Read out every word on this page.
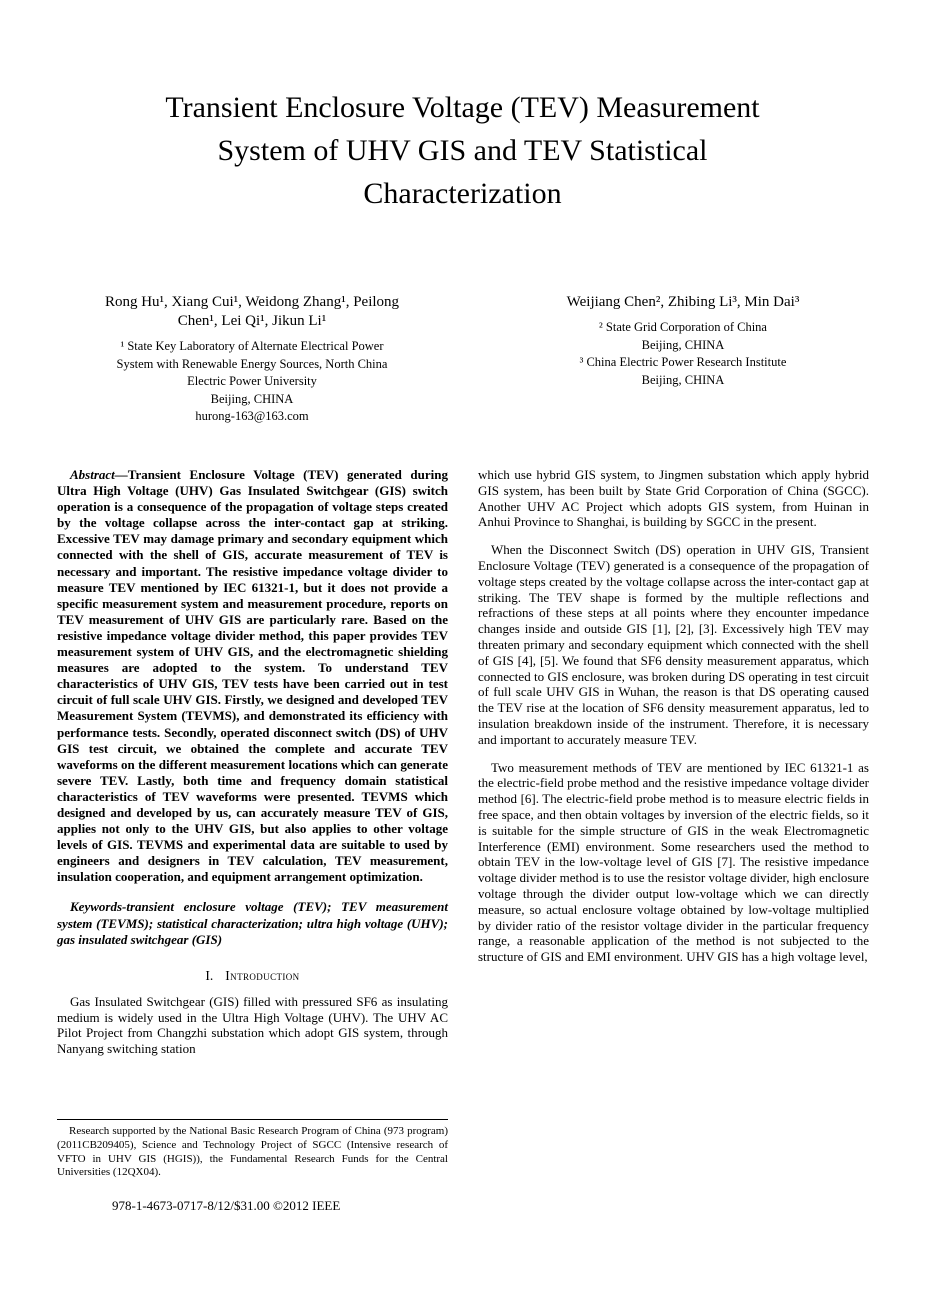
Transient Enclosure Voltage (TEV) Measurement
System of UHV GIS and TEV Statistical
Characterization
Rong Hu¹, Xiang Cui¹, Weidong Zhang¹, Peilong
Chen¹, Lei Qi¹, Jikun Li¹
¹ State Key Laboratory of Alternate Electrical Power
System with Renewable Energy Sources, North China
Electric Power University
Beijing, CHINA
hurong-163@163.com
Weijiang Chen², Zhibing Li³, Min Dai³
² State Grid Corporation of China
Beijing, CHINA
³ China Electric Power Research Institute
Beijing, CHINA

Abstract—Transient Enclosure Voltage (TEV) generated during Ultra High Voltage (UHV) Gas Insulated Switchgear (GIS) switch operation is a consequence of the propagation of voltage steps created by the voltage collapse across the inter-contact gap at striking. Excessive TEV may damage primary and secondary equipment which connected with the shell of GIS, accurate measurement of TEV is necessary and important. The resistive impedance voltage divider to measure TEV mentioned by IEC 61321-1, but it does not provide a specific measurement system and measurement procedure, reports on TEV measurement of UHV GIS are particularly rare. Based on the resistive impedance voltage divider method, this paper provides TEV measurement system of UHV GIS, and the electromagnetic shielding measures are adopted to the system. To understand TEV characteristics of UHV GIS, TEV tests have been carried out in test circuit of full scale UHV GIS. Firstly, we designed and developed TEV Measurement System (TEVMS), and demonstrated its efficiency with performance tests. Secondly, operated disconnect switch (DS) of UHV GIS test circuit, we obtained the complete and accurate TEV waveforms on the different measurement locations which can generate severe TEV. Lastly, both time and frequency domain statistical characteristics of TEV waveforms were presented. TEVMS which designed and developed by us, can accurately measure TEV of GIS, applies not only to the UHV GIS, but also applies to other voltage levels of GIS. TEVMS and experimental data are suitable to used by engineers and designers in TEV calculation, TEV measurement, insulation cooperation, and equipment arrangement optimization.

Keywords-transient enclosure voltage (TEV); TEV measurement system (TEVMS); statistical characterization; ultra high voltage (UHV); gas insulated switchgear (GIS)

I. Introduction

Gas Insulated Switchgear (GIS) filled with pressured SF6 as insulating medium is widely used in the Ultra High Voltage (UHV). The UHV AC Pilot Project from Changzhi substation which adopt GIS system, through Nanyang switching station

which use hybrid GIS system, to Jingmen substation which apply hybrid GIS system, has been built by State Grid Corporation of China (SGCC). Another UHV AC Project which adopts GIS system, from Huinan in Anhui Province to Shanghai, is building by SGCC in the present.

When the Disconnect Switch (DS) operation in UHV GIS, Transient Enclosure Voltage (TEV) generated is a consequence of the propagation of voltage steps created by the voltage collapse across the inter-contact gap at striking. The TEV shape is formed by the multiple reflections and refractions of these steps at all points where they encounter impedance changes inside and outside GIS [1], [2], [3]. Excessively high TEV may threaten primary and secondary equipment which connected with the shell of GIS [4], [5]. We found that SF6 density measurement apparatus, which connected to GIS enclosure, was broken during DS operating in test circuit of full scale UHV GIS in Wuhan, the reason is that DS operating caused the TEV rise at the location of SF6 density measurement apparatus, led to insulation breakdown inside of the instrument. Therefore, it is necessary and important to accurately measure TEV.

Two measurement methods of TEV are mentioned by IEC 61321-1 as the electric-field probe method and the resistive impedance voltage divider method [6]. The electric-field probe method is to measure electric fields in free space, and then obtain voltages by inversion of the electric fields, so it is suitable for the simple structure of GIS in the weak Electromagnetic Interference (EMI) environment. Some researchers used the method to obtain TEV in the low-voltage level of GIS [7]. The resistive impedance voltage divider method is to use the resistor voltage divider, high enclosure voltage through the divider output low-voltage which we can directly measure, so actual enclosure voltage obtained by low-voltage multiplied by divider ratio of the resistor voltage divider in the particular frequency range, a reasonable application of the method is not subjected to the structure of GIS and EMI environment. UHV GIS has a high voltage level,

Research supported by the National Basic Research Program of China (973 program) (2011CB209405), Science and Technology Project of SGCC (Intensive research of VFTO in UHV GIS (HGIS)), the Fundamental Research Funds for the Central Universities (12QX04).

978-1-4673-0717-8/12/$31.00 ©2012 IEEE
